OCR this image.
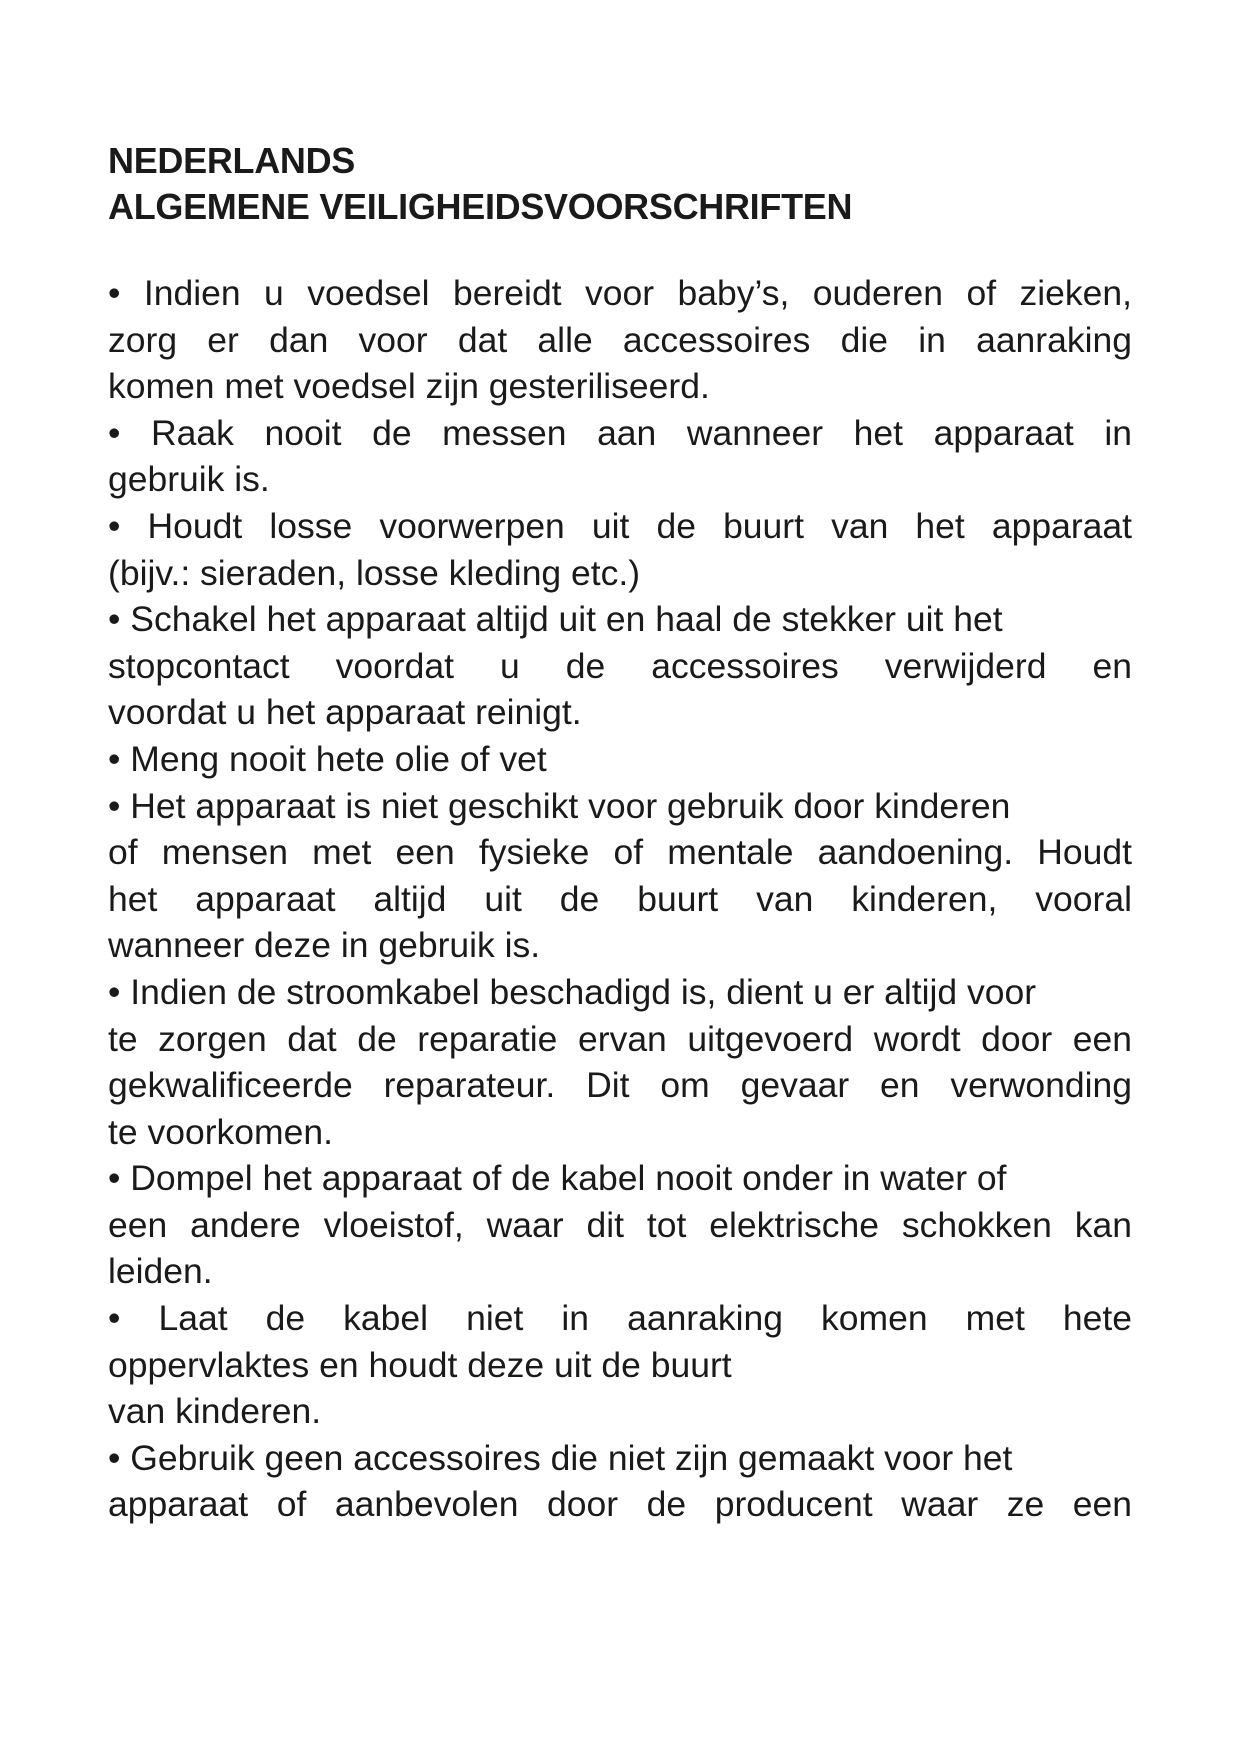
NEDERLANDS
ALGEMENE VEILIGHEIDSVOORSCHRIFTEN
• Indien u voedsel bereidt voor baby’s, ouderen of zieken,
zorg er dan voor dat alle accessoires die in aanraking
komen met voedsel zijn gesteriliseerd.
• Raak nooit de messen aan wanneer het apparaat in
gebruik is.
• Houdt losse voorwerpen uit de buurt van het apparaat
(bijv.: sieraden, losse kleding etc.)
• Schakel het apparaat altijd uit en haal de stekker uit het
stopcontact voordat u de accessoires verwijderd en
voordat u het apparaat reinigt.
• Meng nooit hete olie of vet
• Het apparaat is niet geschikt voor gebruik door kinderen
of mensen met een fysieke of mentale aandoening. Houdt
het apparaat altijd uit de buurt van kinderen, vooral
wanneer deze in gebruik is.
• Indien de stroomkabel beschadigd is, dient u er altijd voor
te zorgen dat de reparatie ervan uitgevoerd wordt door een
gekwalificeerde reparateur. Dit om gevaar en verwonding
te voorkomen.
• Dompel het apparaat of de kabel nooit onder in water of
een andere vloeistof, waar dit tot elektrische schokken kan
leiden.
• Laat de kabel niet in aanraking komen met hete
oppervlaktes en houdt deze uit de buurt
van kinderen.
• Gebruik geen accessoires die niet zijn gemaakt voor het
apparaat of aanbevolen door de producent waar ze een
